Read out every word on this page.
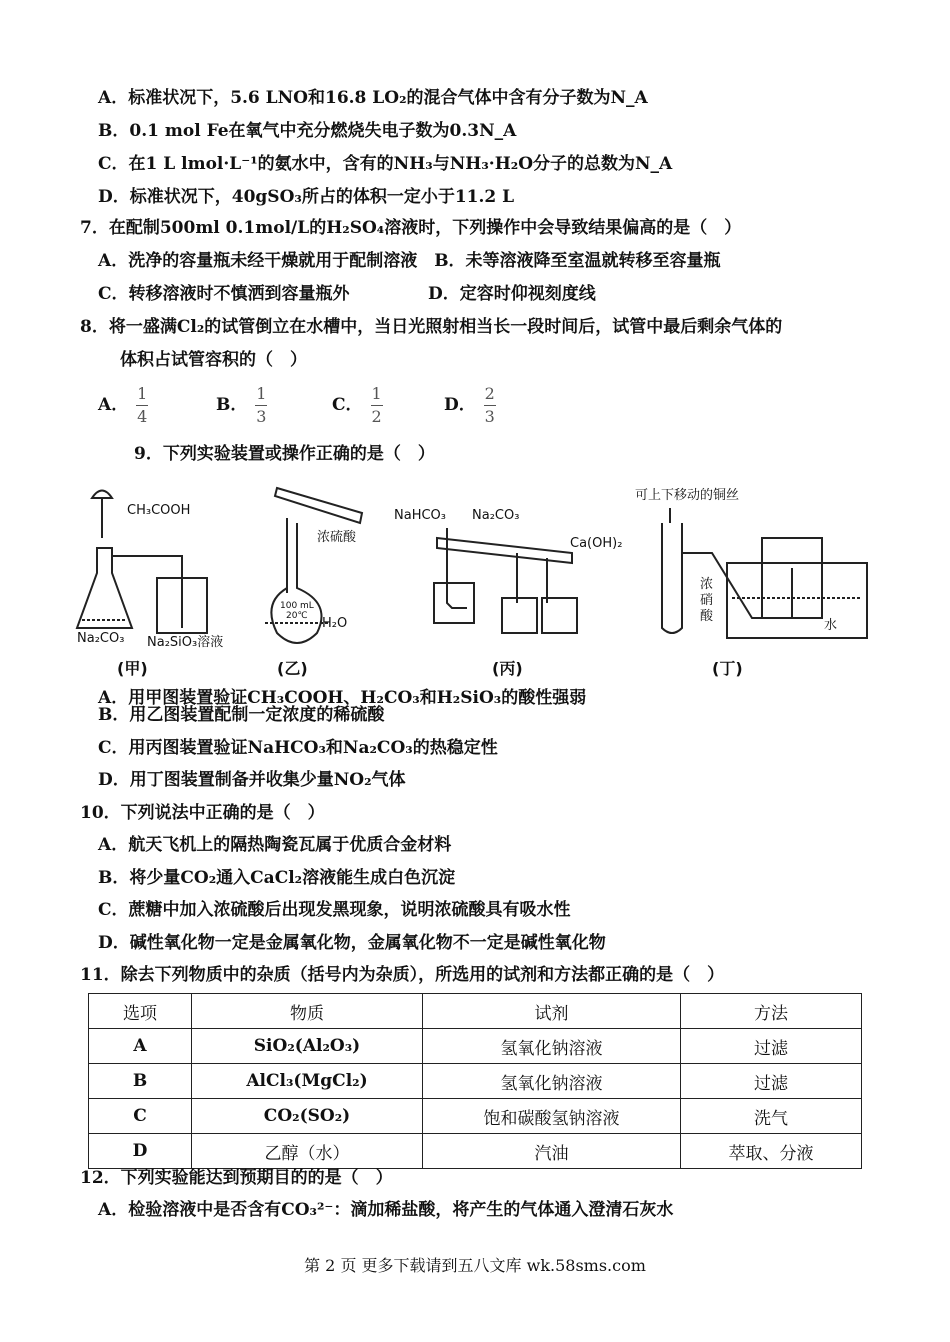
A．标准状况下，5.6 LNO和16.8 LO₂的混合气体中含有分子数为N_A
B．0.1 mol Fe在氧气中充分燃烧失电子数为0.3N_A
C．在1 L lmol·L⁻¹的氨水中，含有的NH₃与NH₃·H₂O分子的总数为N_A
D．标准状况下，40gSO₃所占的体积一定小于11.2 L
7．在配制500ml 0.1mol/L的H₂SO₄溶液时，下列操作中会导致结果偏高的是（　）
A．洗净的容量瓶未经干燥就用于配制溶液　B．未等溶液降至室温就转移至容量瓶
C．转移溶液时不慎洒到容量瓶外	D．定容时仰视刻度线
8．将一盛满Cl₂的试管倒立在水槽中，当日光照射相当长一段时间后，试管中最后剩余气体的
体积占试管容积的（　）
A． $\frac{1}{4}$	B． $\frac{1}{3}$	C． $\frac{1}{2}$	D． $\frac{2}{3}$
9．下列实验装置或操作正确的是（　）
CH₃COOH
Na₂CO₃ Na₂SiO₃溶液
浓硫酸
100 mL
20℃ H₂O
NaHCO₃ Na₂CO₃
Ca(OH)₂
可上下移动的铜丝
浓
硝
酸
水
(甲)	(乙)	(丙)	(丁)
A．用甲图装置验证CH₃COOH、H₂CO₃和H₂SiO₃的酸性强弱
B．用乙图装置配制一定浓度的稀硫酸
C．用丙图装置验证NaHCO₃和Na₂CO₃的热稳定性
D．用丁图装置制备并收集少量NO₂气体
10．下列说法中正确的是（　）
A．航天飞机上的隔热陶瓷瓦属于优质合金材料
B．将少量CO₂通入CaCl₂溶液能生成白色沉淀
C．蔗糖中加入浓硫酸后出现发黑现象，说明浓硫酸具有吸水性
D．碱性氧化物一定是金属氧化物，金属氧化物不一定是碱性氧化物
11．除去下列物质中的杂质（括号内为杂质），所选用的试剂和方法都正确的是（　）
选项	物质	试剂	方法
A	SiO₂(Al₂O₃)	氢氧化钠溶液	过滤
B	AlCl₃(MgCl₂)	氢氧化钠溶液	过滤
C	CO₂(SO₂)	饱和碳酸氢钠溶液	洗气
D	乙醇（水）	汽油	萃取、分液
12．下列实验能达到预期目的的是（　）
A．检验溶液中是否含有CO₃²⁻：滴加稀盐酸，将产生的气体通入澄清石灰水
第 2 页 更多下载请到五八文库 wk.58sms.com
